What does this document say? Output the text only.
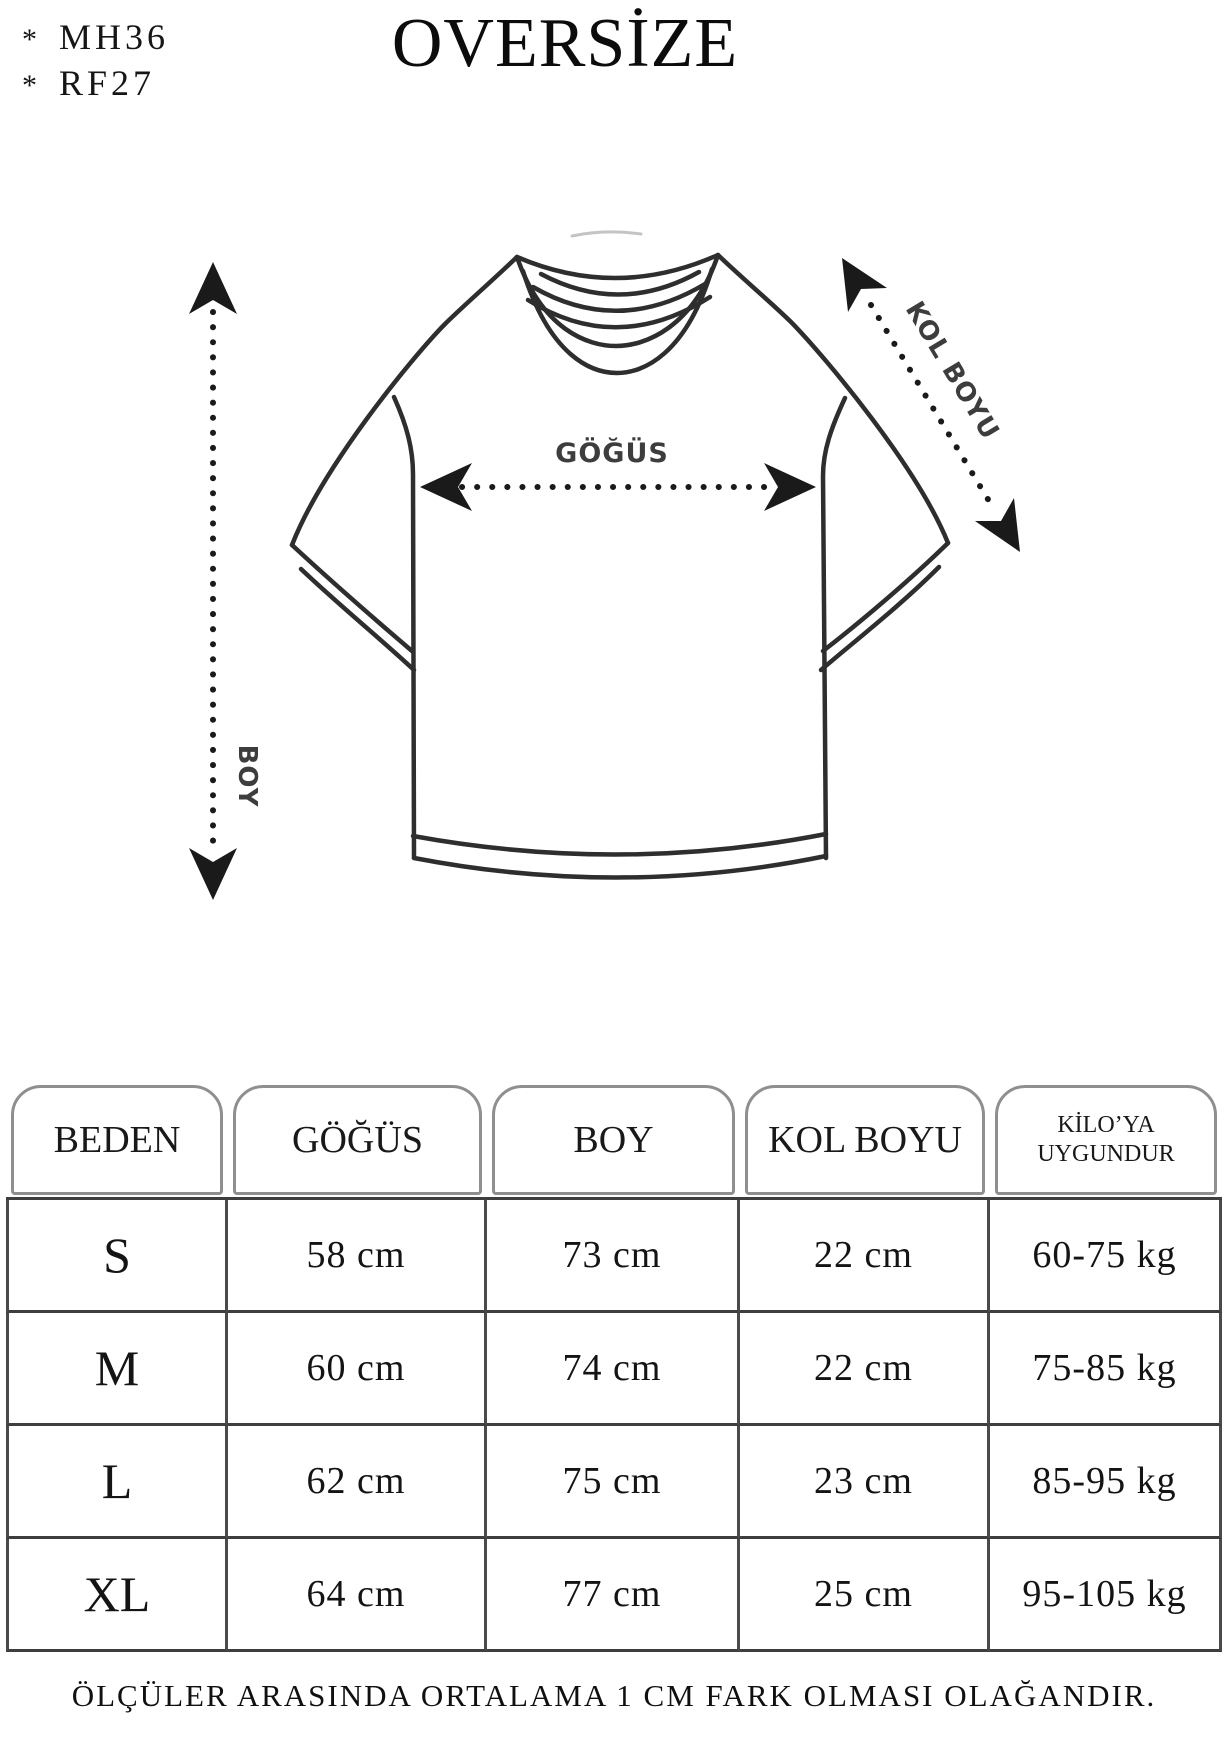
* MH36
* RF27
OVERSİZE
GÖĞÜS
BOY
KOL BOYU
BEDEN	GÖĞÜS	BOY	KOL BOYU	KİLO’YA UYGUNDUR
S	58 cm	73 cm	22 cm	60-75 kg
M	60 cm	74 cm	22 cm	75-85 kg
L	62 cm	75 cm	23 cm	85-95 kg
XL	64 cm	77 cm	25 cm	95-105 kg
ÖLÇÜLER ARASINDA ORTALAMA 1 CM FARK OLMASI OLAĞANDIR.
